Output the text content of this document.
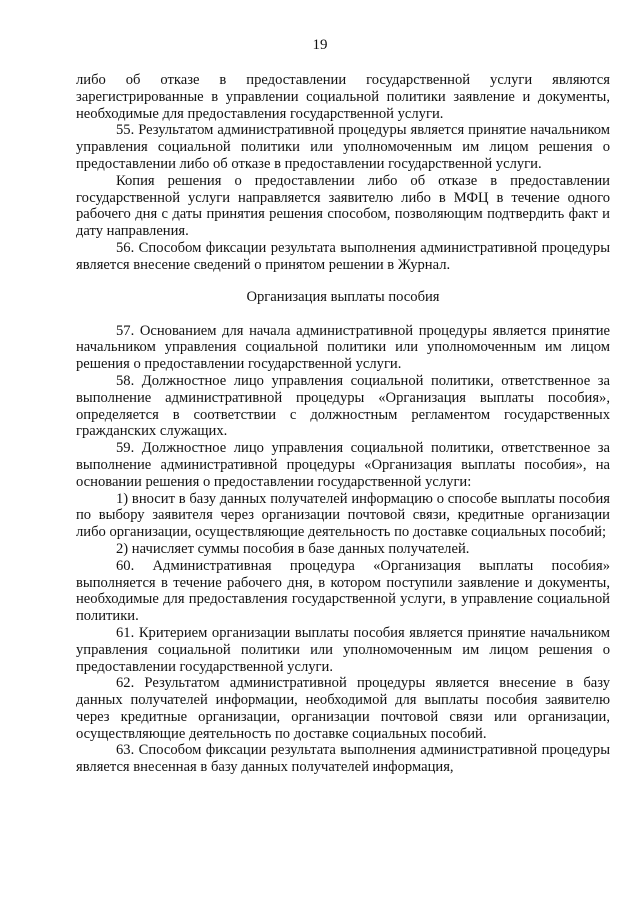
19

либо об отказе в предоставлении государственной услуги являются зарегистрированные в управлении социальной политики заявление и документы, необходимые для предоставления государственной услуги.

55. Результатом административной процедуры является принятие начальником управления социальной политики или уполномоченным им лицом решения о предоставлении либо об отказе в предоставлении государственной услуги.

Копия решения о предоставлении либо об отказе в предоставлении государственной услуги направляется заявителю либо в МФЦ в течение одного рабочего дня с даты принятия решения способом, позволяющим подтвердить факт и дату направления.

56. Способом фиксации результата выполнения административной процедуры является внесение сведений о принятом решении в Журнал.

Организация выплаты пособия

57. Основанием для начала административной процедуры является принятие начальником управления социальной политики или уполномоченным им лицом решения о предоставлении государственной услуги.

58. Должностное лицо управления социальной политики, ответственное за выполнение административной процедуры «Организация выплаты пособия», определяется в соответствии с должностным регламентом государственных гражданских служащих.

59. Должностное лицо управления социальной политики, ответственное за выполнение административной процедуры «Организация выплаты пособия», на основании решения о предоставлении государственной услуги:

1) вносит в базу данных получателей информацию о способе выплаты пособия по выбору заявителя через организации почтовой связи, кредитные организации либо организации, осуществляющие деятельность по доставке социальных пособий;

2) начисляет суммы пособия в базе данных получателей.

60. Административная процедура «Организация выплаты пособия» выполняется в течение рабочего дня, в котором поступили заявление и документы, необходимые для предоставления государственной услуги, в управление социальной политики.

61. Критерием организации выплаты пособия является принятие начальником управления социальной политики или уполномоченным им лицом решения о предоставлении государственной услуги.

62. Результатом административной процедуры является внесение в базу данных получателей информации, необходимой для выплаты пособия заявителю через кредитные организации, организации почтовой связи или организации, осуществляющие деятельность по доставке социальных пособий.

63. Способом фиксации результата выполнения административной процедуры является внесенная в базу данных получателей информация,
